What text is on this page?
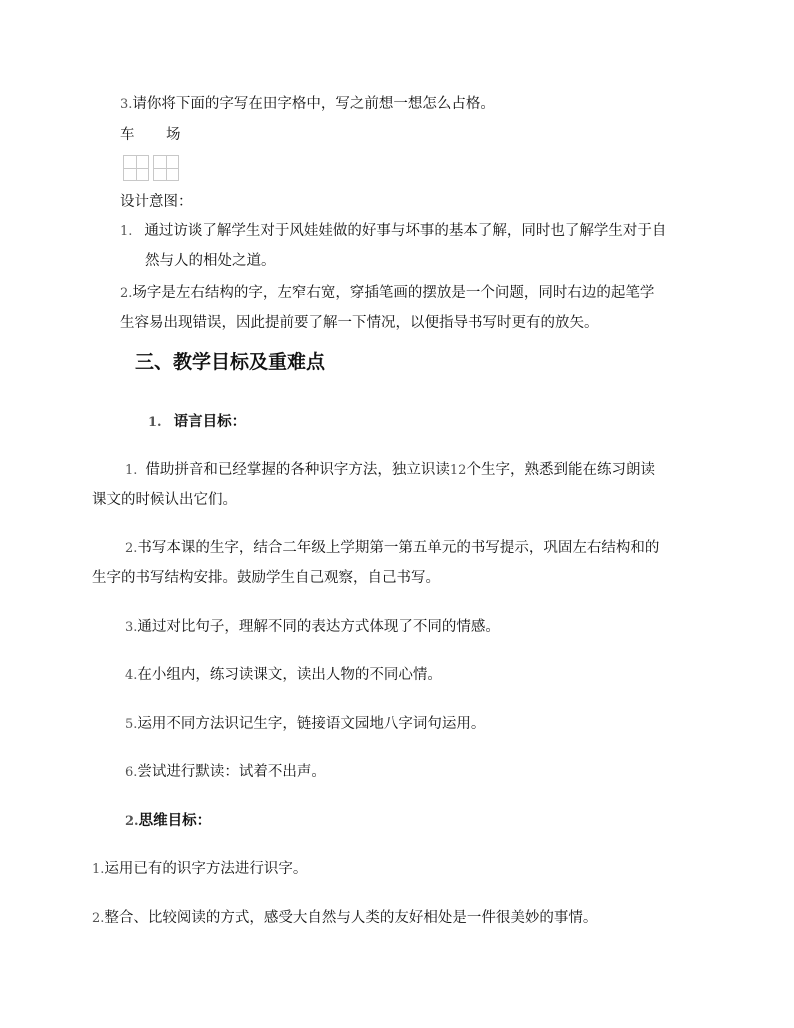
3.请你将下面的字写在田字格中，写之前想一想怎么占格。
车 场
设计意图：
1. 通过访谈了解学生对于风娃娃做的好事与坏事的基本了解，同时也了解学生对于自
然与人的相处之道。
2.场字是左右结构的字，左窄右宽，穿插笔画的摆放是一个问题，同时右边的起笔学
生容易出现错误，因此提前要了解一下情况，以便指导书写时更有的放矢。
三、教学目标及重难点
1. 语言目标：
1. 借助拼音和已经掌握的各种识字方法，独立识读12个生字，熟悉到能在练习朗读
课文的时候认出它们。
2.书写本课的生字，结合二年级上学期第一第五单元的书写提示，巩固左右结构和的
生字的书写结构安排。鼓励学生自己观察，自己书写。
3.通过对比句子，理解不同的表达方式体现了不同的情感。
4.在小组内，练习读课文，读出人物的不同心情。
5.运用不同方法识记生字，链接语文园地八字词句运用。
6.尝试进行默读：试着不出声。
2.思维目标：
1.运用已有的识字方法进行识字。
2.整合、比较阅读的方式，感受大自然与人类的友好相处是一件很美妙的事情。
